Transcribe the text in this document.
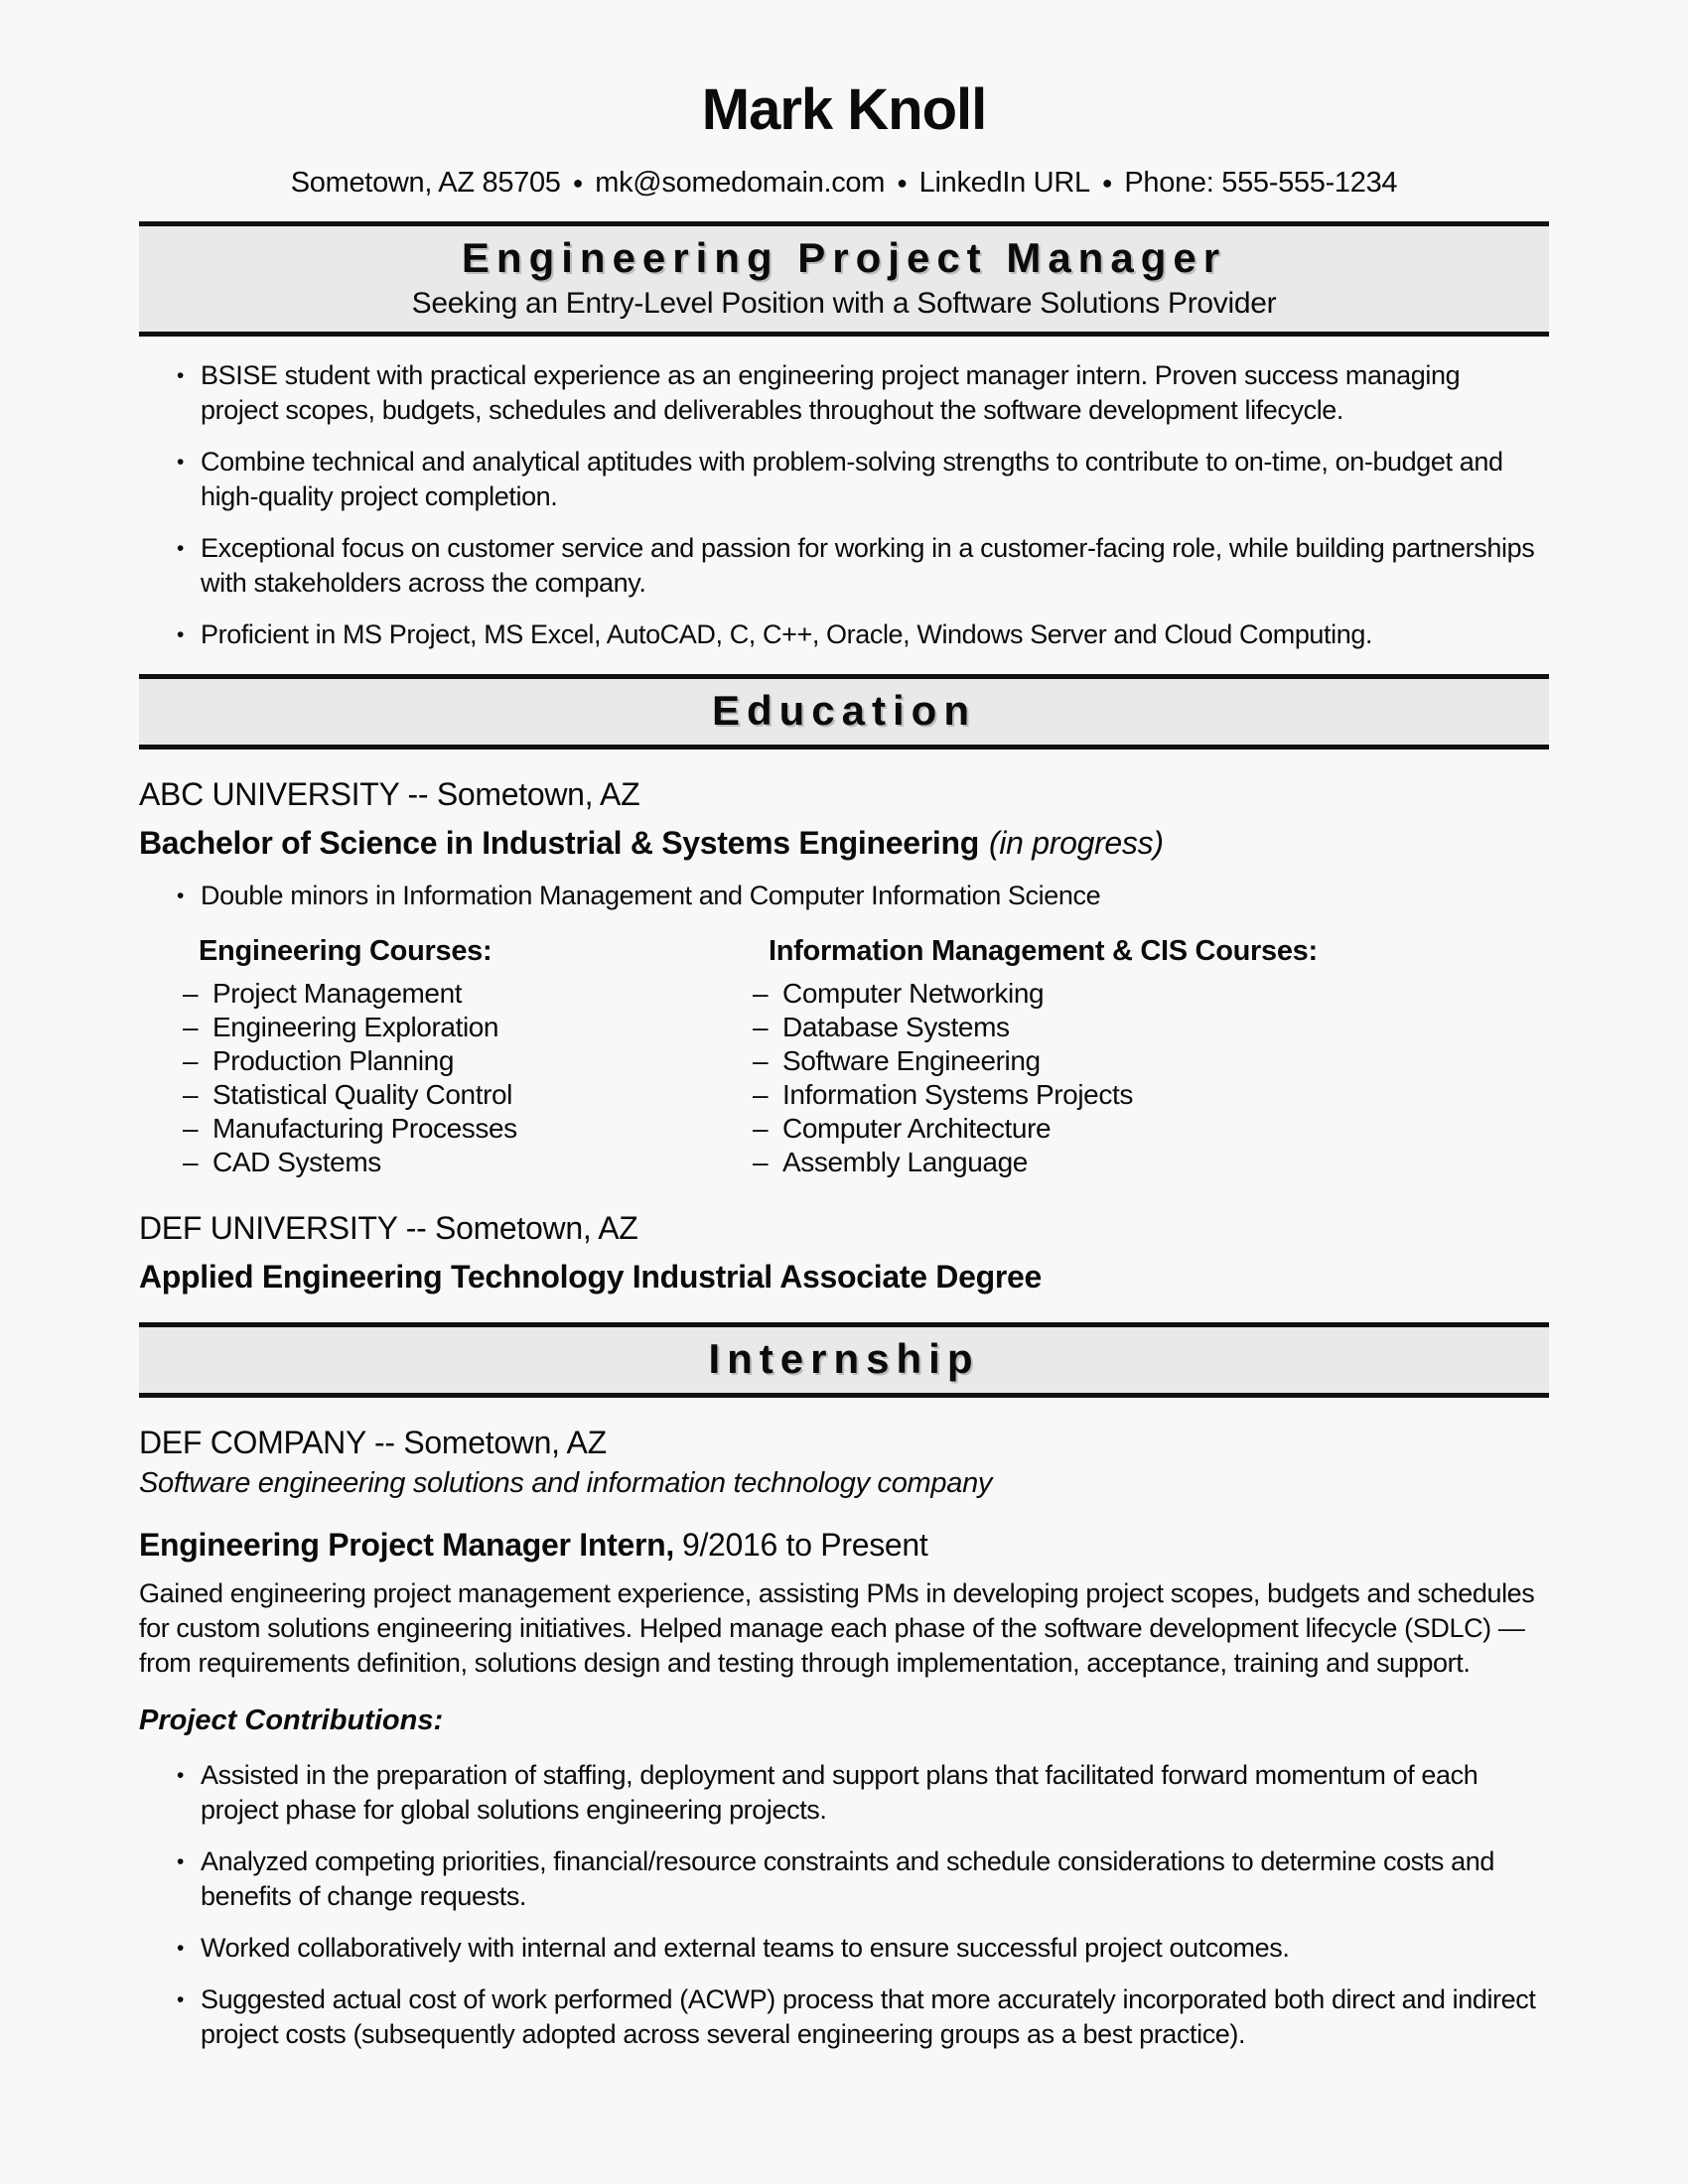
Mark Knoll
Sometown, AZ 85705 ● mk@somedomain.com ● LinkedIn URL ● Phone: 555-555-1234
Engineering Project Manager
Seeking an Entry-Level Position with a Software Solutions Provider
• BSISE student with practical experience as an engineering project manager intern. Proven success managing project scopes, budgets, schedules and deliverables throughout the software development lifecycle.
• Combine technical and analytical aptitudes with problem-solving strengths to contribute to on-time, on-budget and high-quality project completion.
• Exceptional focus on customer service and passion for working in a customer-facing role, while building partnerships with stakeholders across the company.
• Proficient in MS Project, MS Excel, AutoCAD, C, C++, Oracle, Windows Server and Cloud Computing.
Education
ABC UNIVERSITY -- Sometown, AZ
Bachelor of Science in Industrial & Systems Engineering (in progress)
• Double minors in Information Management and Computer Information Science
Engineering Courses:
– Project Management
– Engineering Exploration
– Production Planning
– Statistical Quality Control
– Manufacturing Processes
– CAD Systems
Information Management & CIS Courses:
– Computer Networking
– Database Systems
– Software Engineering
– Information Systems Projects
– Computer Architecture
– Assembly Language
DEF UNIVERSITY -- Sometown, AZ
Applied Engineering Technology Industrial Associate Degree
Internship
DEF COMPANY -- Sometown, AZ
Software engineering solutions and information technology company
Engineering Project Manager Intern, 9/2016 to Present
Gained engineering project management experience, assisting PMs in developing project scopes, budgets and schedules for custom solutions engineering initiatives. Helped manage each phase of the software development lifecycle (SDLC) — from requirements definition, solutions design and testing through implementation, acceptance, training and support.
Project Contributions:
• Assisted in the preparation of staffing, deployment and support plans that facilitated forward momentum of each project phase for global solutions engineering projects.
• Analyzed competing priorities, financial/resource constraints and schedule considerations to determine costs and benefits of change requests.
• Worked collaboratively with internal and external teams to ensure successful project outcomes.
• Suggested actual cost of work performed (ACWP) process that more accurately incorporated both direct and indirect project costs (subsequently adopted across several engineering groups as a best practice).
